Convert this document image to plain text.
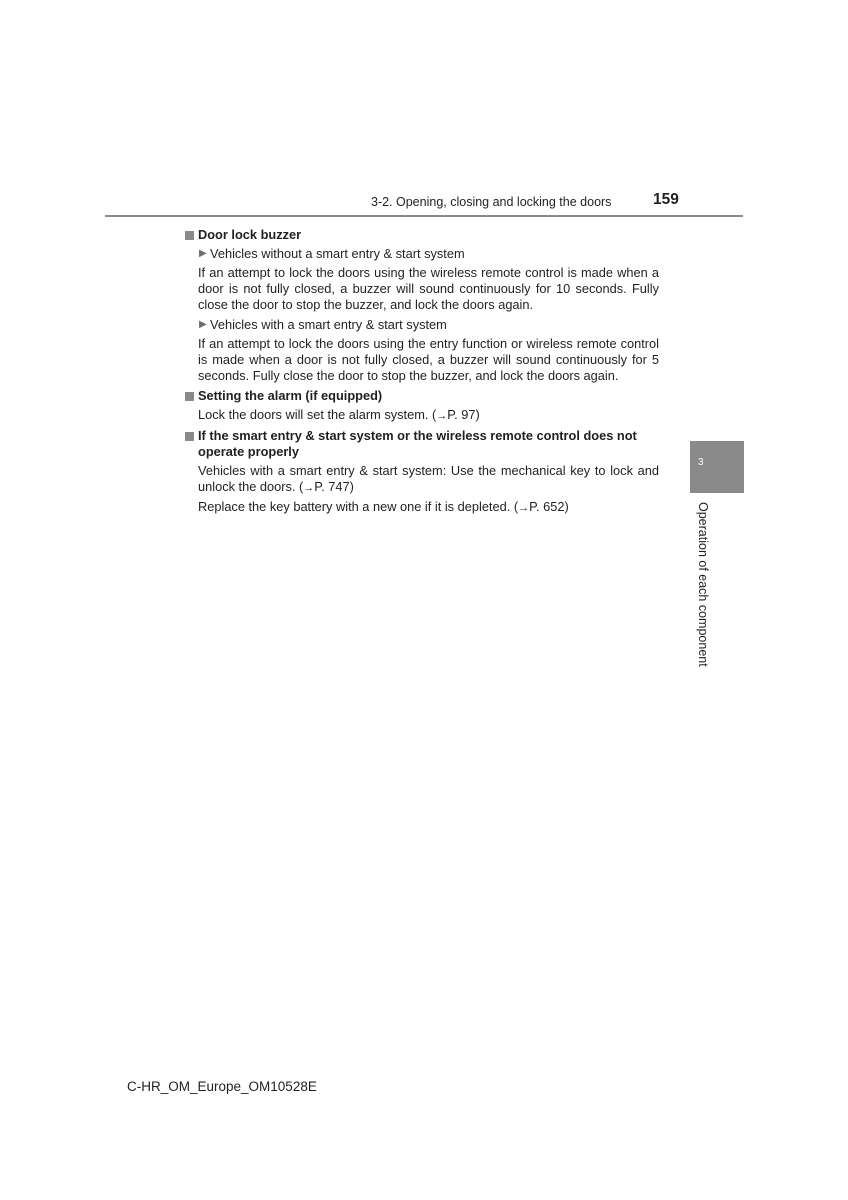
3-2. Opening, closing and locking the doors	159
Door lock buzzer
▶ Vehicles without a smart entry & start system
If an attempt to lock the doors using the wireless remote control is made when a door is not fully closed, a buzzer will sound continuously for 10 seconds. Fully close the door to stop the buzzer, and lock the doors again.
▶ Vehicles with a smart entry & start system
If an attempt to lock the doors using the entry function or wireless remote control is made when a door is not fully closed, a buzzer will sound continuously for 5 seconds. Fully close the door to stop the buzzer, and lock the doors again.
Setting the alarm (if equipped)
Lock the doors will set the alarm system. (→P. 97)
If the smart entry & start system or the wireless remote control does not operate properly
Vehicles with a smart entry & start system: Use the mechanical key to lock and unlock the doors. (→P. 747)
Replace the key battery with a new one if it is depleted. (→P. 652)
3
Operation of each component
C-HR_OM_Europe_OM10528E
